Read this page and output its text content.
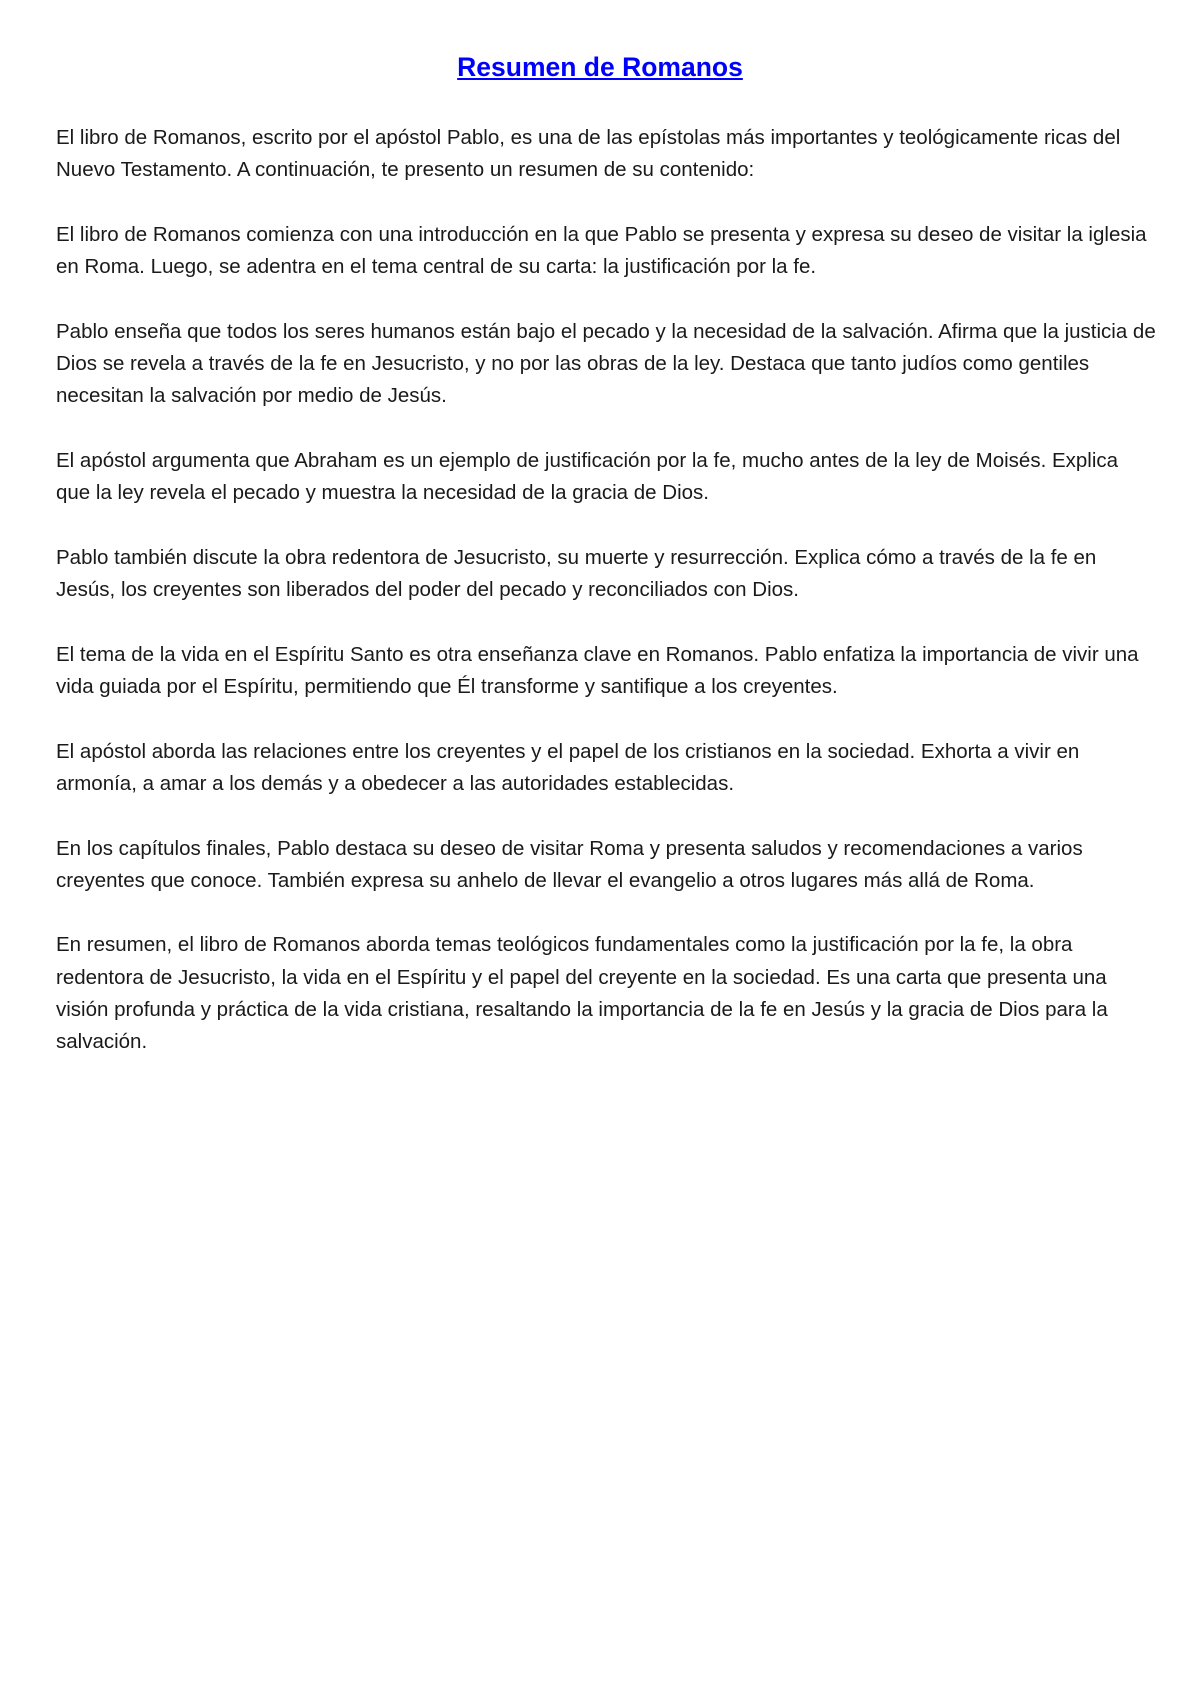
Resumen de Romanos

El libro de Romanos, escrito por el apóstol Pablo, es una de las epístolas más importantes y teológicamente ricas del Nuevo Testamento. A continuación, te presento un resumen de su contenido:

El libro de Romanos comienza con una introducción en la que Pablo se presenta y expresa su deseo de visitar la iglesia en Roma. Luego, se adentra en el tema central de su carta: la justificación por la fe.

Pablo enseña que todos los seres humanos están bajo el pecado y la necesidad de la salvación. Afirma que la justicia de Dios se revela a través de la fe en Jesucristo, y no por las obras de la ley. Destaca que tanto judíos como gentiles necesitan la salvación por medio de Jesús.

El apóstol argumenta que Abraham es un ejemplo de justificación por la fe, mucho antes de la ley de Moisés. Explica que la ley revela el pecado y muestra la necesidad de la gracia de Dios.

Pablo también discute la obra redentora de Jesucristo, su muerte y resurrección. Explica cómo a través de la fe en Jesús, los creyentes son liberados del poder del pecado y reconciliados con Dios.

El tema de la vida en el Espíritu Santo es otra enseñanza clave en Romanos. Pablo enfatiza la importancia de vivir una vida guiada por el Espíritu, permitiendo que Él transforme y santifique a los creyentes.

El apóstol aborda las relaciones entre los creyentes y el papel de los cristianos en la sociedad. Exhorta a vivir en armonía, a amar a los demás y a obedecer a las autoridades establecidas.

En los capítulos finales, Pablo destaca su deseo de visitar Roma y presenta saludos y recomendaciones a varios creyentes que conoce. También expresa su anhelo de llevar el evangelio a otros lugares más allá de Roma.

En resumen, el libro de Romanos aborda temas teológicos fundamentales como la justificación por la fe, la obra redentora de Jesucristo, la vida en el Espíritu y el papel del creyente en la sociedad. Es una carta que presenta una visión profunda y práctica de la vida cristiana, resaltando la importancia de la fe en Jesús y la gracia de Dios para la salvación.
